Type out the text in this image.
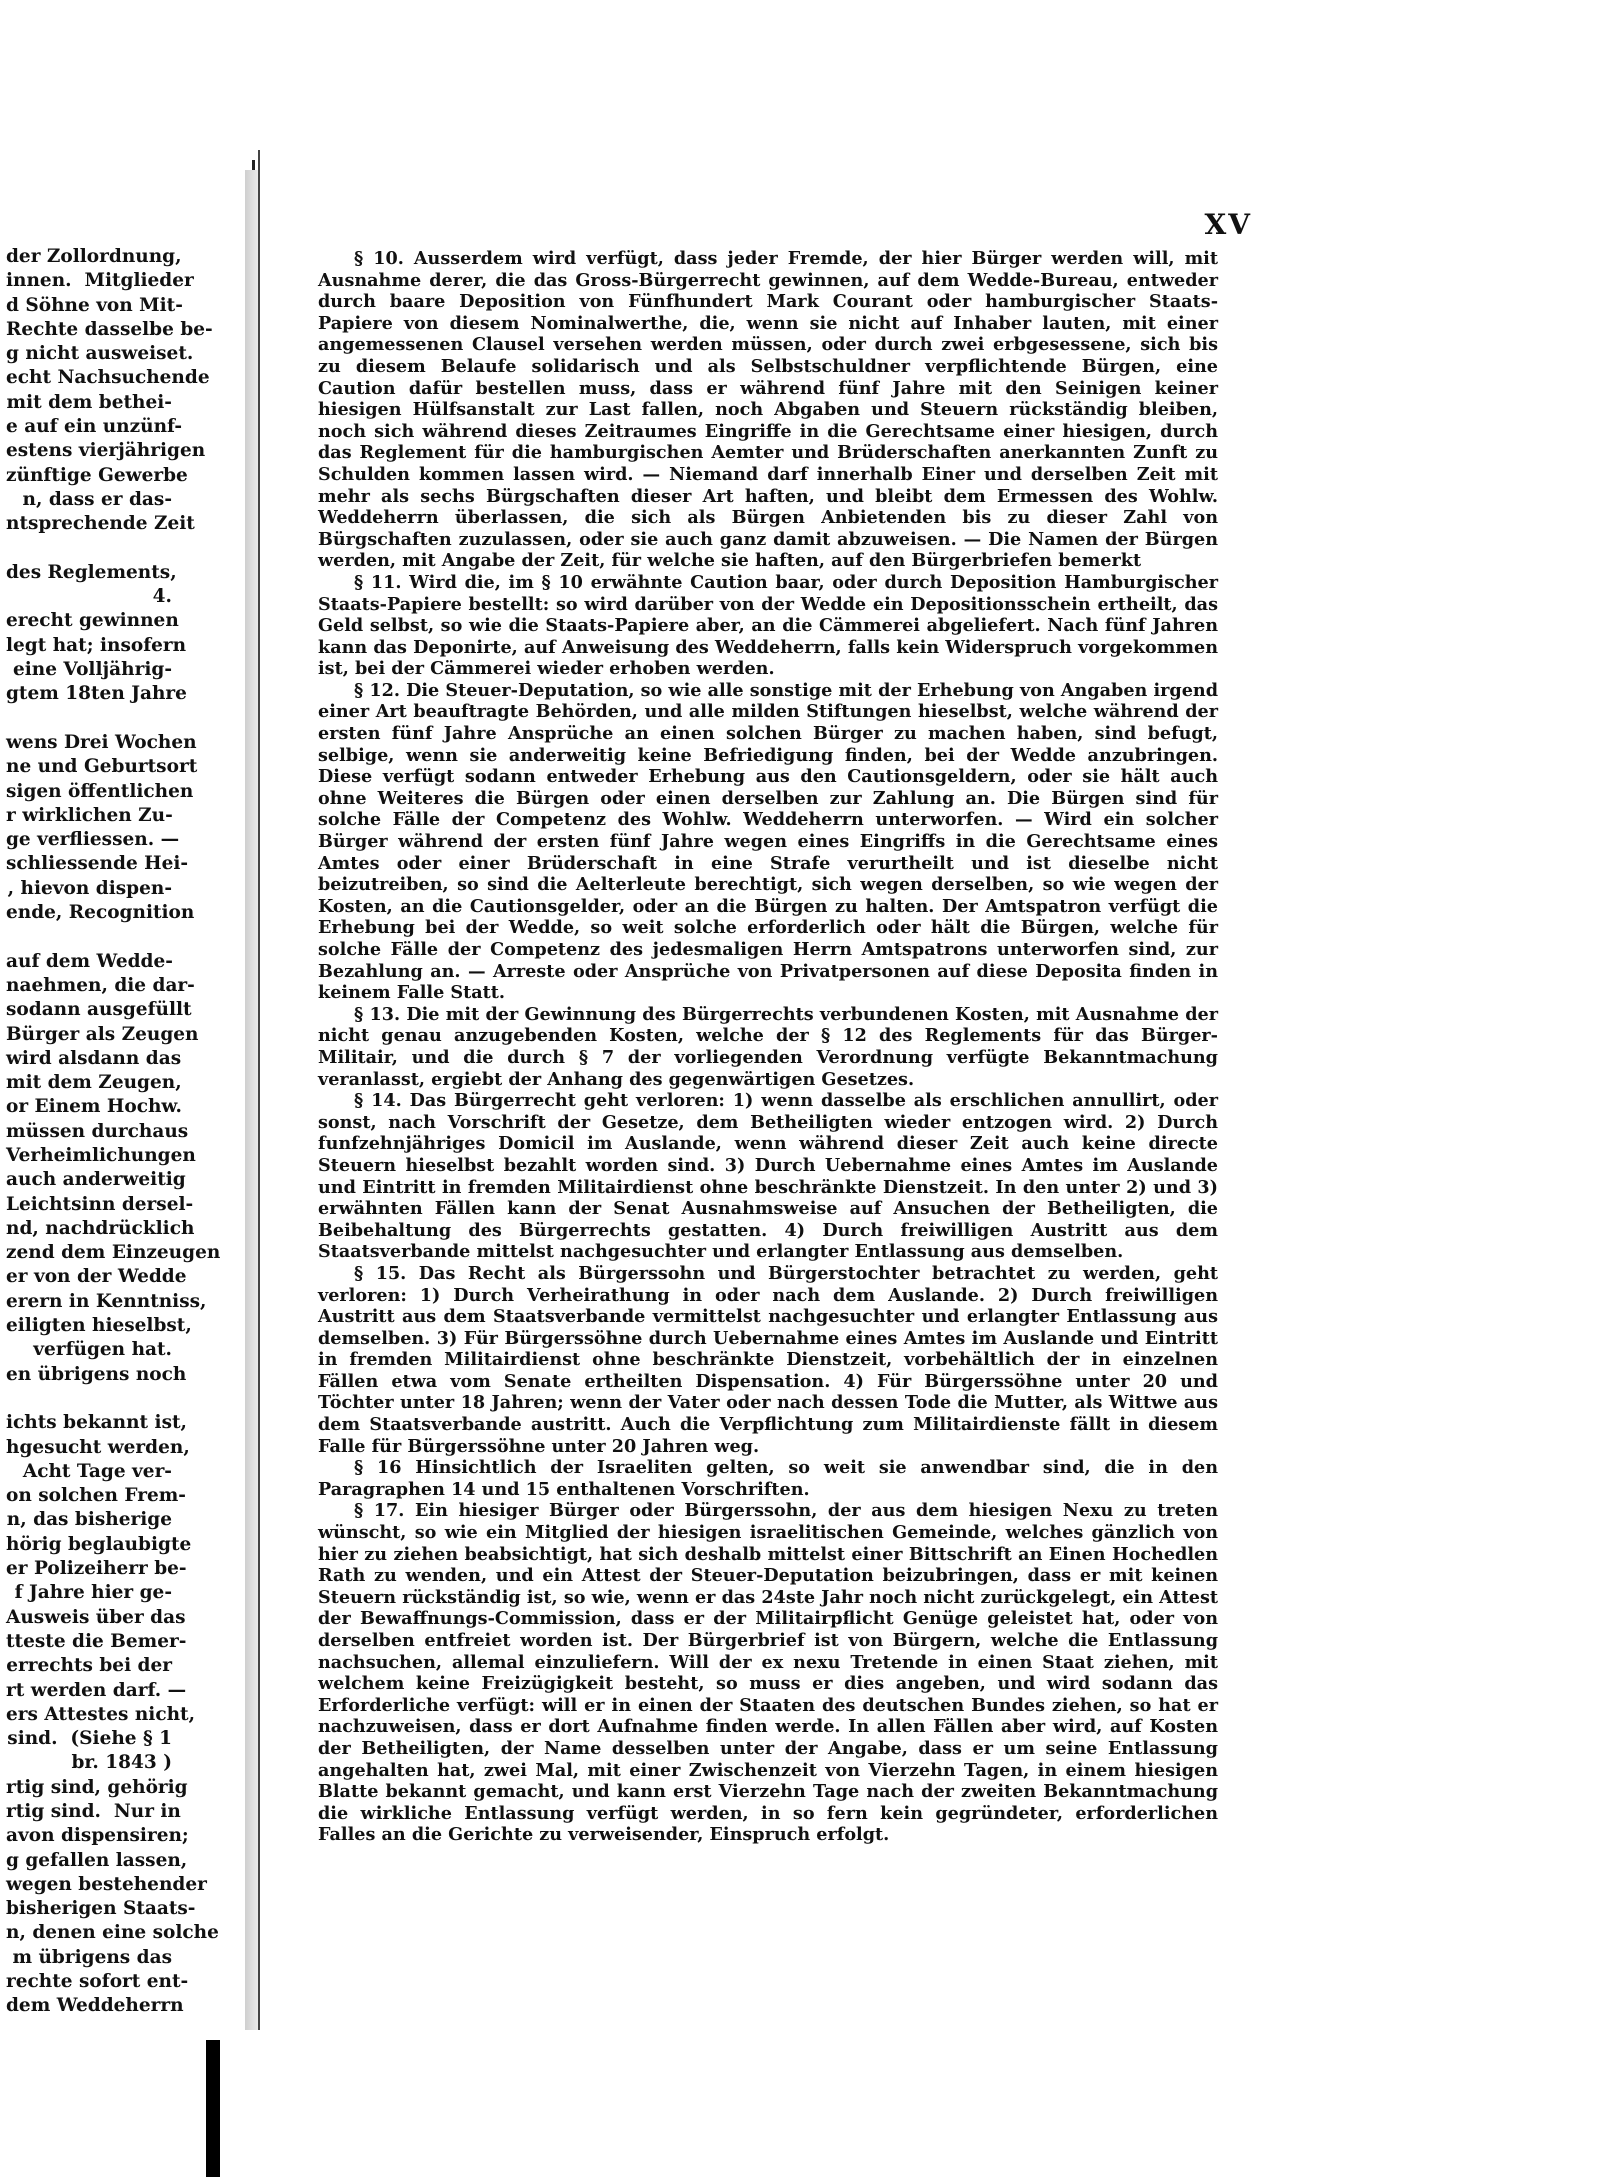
der Zollordnung,
innen.  Mitglieder
d Söhne von Mit-
Rechte dasselbe be-
g nicht ausweiset.
echt Nachsuchende
mit dem bethei-
e auf ein unzünf-
estens vierjährigen
zünftige Gewerbe
n, dass er das-
ntsprechende Zeit

des Reglements,
4.
erecht gewinnen
legt hat; insofern
eine Volljährig-
gtem 18ten Jahre

wens Drei Wochen
ne und Geburtsort
sigen öffentlichen
r wirklichen Zu-
ge verfliessen. —
schliessende Hei-
, hievon dispen-
ende, Recognition

auf dem Wedde-
naehmen, die dar-
sodann ausgefüllt
Bürger als Zeugen
wird alsdann das
mit dem Zeugen,
or Einem Hochw.
müssen durchaus
Verheimlichungen
auch anderweitig
Leichtsinn dersel-
nd, nachdrücklich
zend dem Einzeugen
er von der Wedde
erern in Kenntniss,
eiligten hieselbst,
verfügen hat.
en übrigens noch

ichts bekannt ist,
hgesucht werden,
Acht Tage ver-
on solchen Frem-
n, das bisherige
hörig beglaubigte
er Polizeiherr be-
f Jahre hier ge-
Ausweis über das
tteste die Bemer-
errechts bei der
rt werden darf. —
ers Attestes nicht,
sind.  (Siehe § 1
br. 1843 )
rtig sind, gehörig
rtig sind.  Nur in
avon dispensiren;
g gefallen lassen,
wegen bestehender
bisherigen Staats-
n, denen eine solche
m übrigens das
rechte sofort ent-
dem Weddeherrn
XV

§ 10. Ausserdem wird verfügt, dass jeder Fremde, der hier Bürger werden will, mit Ausnahme derer, die das Gross-Bürgerrecht gewinnen, auf dem Wedde-Bureau, entweder durch baare Deposition von Fünfhundert Mark Courant oder hamburgischer Staats-Papiere von diesem Nominalwerthe, die, wenn sie nicht auf Inhaber lauten, mit einer angemessenen Clausel versehen werden müssen, oder durch zwei erbgesessene, sich bis zu diesem Belaufe solidarisch und als Selbstschuldner verpflichtende Bürgen, eine Caution dafür bestellen muss, dass er während fünf Jahre mit den Seinigen keiner hiesigen Hülfsanstalt zur Last fallen, noch Abgaben und Steuern rückständig bleiben, noch sich während dieses Zeitraumes Eingriffe in die Gerechtsame einer hiesigen, durch das Reglement für die hamburgischen Aemter und Brüderschaften anerkannten Zunft zu Schulden kommen lassen wird. — Niemand darf innerhalb Einer und derselben Zeit mit mehr als sechs Bürgschaften dieser Art haften, und bleibt dem Ermessen des Wohlw. Weddeherrn überlassen, die sich als Bürgen Anbietenden bis zu dieser Zahl von Bürgschaften zuzulassen, oder sie auch ganz damit abzuweisen. — Die Namen der Bürgen werden, mit Angabe der Zeit, für welche sie haften, auf den Bürgerbriefen bemerkt

§ 11. Wird die, im § 10 erwähnte Caution baar, oder durch Deposition Hamburgischer Staats-Papiere bestellt: so wird darüber von der Wedde ein Depositionsschein ertheilt, das Geld selbst, so wie die Staats-Papiere aber, an die Cämmerei abgeliefert. Nach fünf Jahren kann das Deponirte, auf Anweisung des Weddeherrn, falls kein Widerspruch vorgekommen ist, bei der Cämmerei wieder erhoben werden.

§ 12. Die Steuer-Deputation, so wie alle sonstige mit der Erhebung von Angaben irgend einer Art beauftragte Behörden, und alle milden Stiftungen hieselbst, welche während der ersten fünf Jahre Ansprüche an einen solchen Bürger zu machen haben, sind befugt, selbige, wenn sie anderweitig keine Befriedigung finden, bei der Wedde anzubringen. Diese verfügt sodann entweder Erhebung aus den Cautionsgeldern, oder sie hält auch ohne Weiteres die Bürgen oder einen derselben zur Zahlung an. Die Bürgen sind für solche Fälle der Competenz des Wohlw. Weddeherrn unterworfen. — Wird ein solcher Bürger während der ersten fünf Jahre wegen eines Eingriffs in die Gerechtsame eines Amtes oder einer Brüderschaft in eine Strafe verurtheilt und ist dieselbe nicht beizutreiben, so sind die Aelterleute berechtigt, sich wegen derselben, so wie wegen der Kosten, an die Cautionsgelder, oder an die Bürgen zu halten. Der Amtspatron verfügt die Erhebung bei der Wedde, so weit solche erforderlich oder hält die Bürgen, welche für solche Fälle der Competenz des jedesmaligen Herrn Amtspatrons unterworfen sind, zur Bezahlung an. — Arreste oder Ansprüche von Privatpersonen auf diese Deposita finden in keinem Falle Statt.

§ 13. Die mit der Gewinnung des Bürgerrechts verbundenen Kosten, mit Ausnahme der nicht genau anzugebenden Kosten, welche der § 12 des Reglements für das Bürger-Militair, und die durch § 7 der vorliegenden Verordnung verfügte Bekanntmachung veranlasst, ergiebt der Anhang des gegenwärtigen Gesetzes.

§ 14. Das Bürgerrecht geht verloren: 1) wenn dasselbe als erschlichen annullirt, oder sonst, nach Vorschrift der Gesetze, dem Betheiligten wieder entzogen wird. 2) Durch funfzehnjähriges Domicil im Auslande, wenn während dieser Zeit auch keine directe Steuern hieselbst bezahlt worden sind. 3) Durch Uebernahme eines Amtes im Auslande und Eintritt in fremden Militairdienst ohne beschränkte Dienstzeit. In den unter 2) und 3) erwähnten Fällen kann der Senat Ausnahmsweise auf Ansuchen der Betheiligten, die Beibehaltung des Bürgerrechts gestatten. 4) Durch freiwilligen Austritt aus dem Staatsverbande mittelst nachgesuchter und erlangter Entlassung aus demselben.

§ 15. Das Recht als Bürgerssohn und Bürgerstochter betrachtet zu werden, geht verloren: 1) Durch Verheirathung in oder nach dem Auslande. 2) Durch freiwilligen Austritt aus dem Staatsverbande vermittelst nachgesuchter und erlangter Entlassung aus demselben. 3) Für Bürgerssöhne durch Uebernahme eines Amtes im Auslande und Eintritt in fremden Militairdienst ohne beschränkte Dienstzeit, vorbehältlich der in einzelnen Fällen etwa vom Senate ertheilten Dispensation. 4) Für Bürgerssöhne unter 20 und Töchter unter 18 Jahren; wenn der Vater oder nach dessen Tode die Mutter, als Wittwe aus dem Staatsverbande austritt. Auch die Verpflichtung zum Militairdienste fällt in diesem Falle für Bürgerssöhne unter 20 Jahren weg.

§ 16 Hinsichtlich der Israeliten gelten, so weit sie anwendbar sind, die in den Paragraphen 14 und 15 enthaltenen Vorschriften.

§ 17. Ein hiesiger Bürger oder Bürgerssohn, der aus dem hiesigen Nexu zu treten wünscht, so wie ein Mitglied der hiesigen israelitischen Gemeinde, welches gänzlich von hier zu ziehen beabsichtigt, hat sich deshalb mittelst einer Bittschrift an Einen Hochedlen Rath zu wenden, und ein Attest der Steuer-Deputation beizubringen, dass er mit keinen Steuern rückständig ist, so wie, wenn er das 24ste Jahr noch nicht zurückgelegt, ein Attest der Bewaffnungs-Commission, dass er der Militairpflicht Genüge geleistet hat, oder von derselben entfreiet worden ist. Der Bürgerbrief ist von Bürgern, welche die Entlassung nachsuchen, allemal einzuliefern. Will der ex nexu Tretende in einen Staat ziehen, mit welchem keine Freizügigkeit besteht, so muss er dies angeben, und wird sodann das Erforderliche verfügt: will er in einen der Staaten des deutschen Bundes ziehen, so hat er nachzuweisen, dass er dort Aufnahme finden werde. In allen Fällen aber wird, auf Kosten der Betheiligten, der Name desselben unter der Angabe, dass er um seine Entlassung angehalten hat, zwei Mal, mit einer Zwischenzeit von Vierzehn Tagen, in einem hiesigen Blatte bekannt gemacht, und kann erst Vierzehn Tage nach der zweiten Bekanntmachung die wirkliche Entlassung verfügt werden, in so fern kein gegründeter, erforderlichen Falles an die Gerichte zu verweisender, Einspruch erfolgt.
